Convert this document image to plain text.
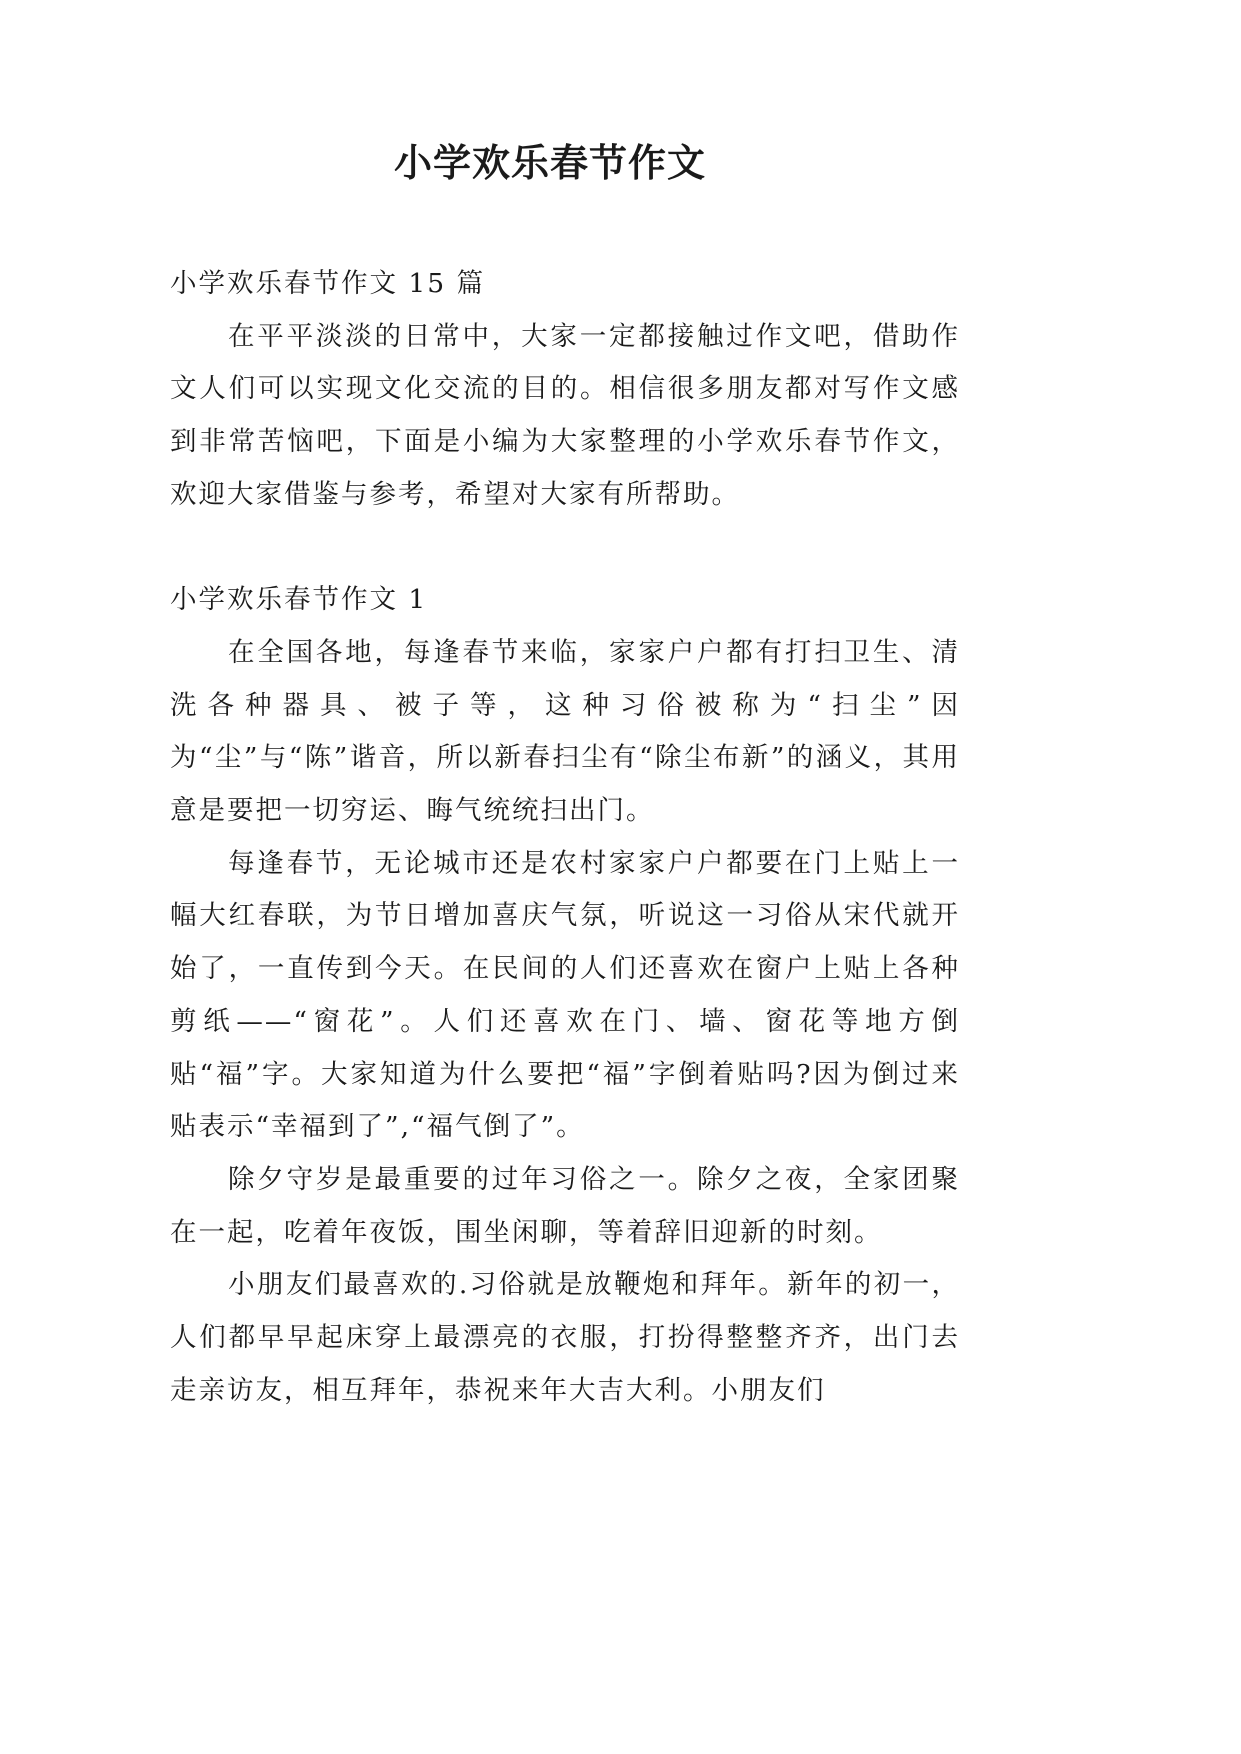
小学欢乐春节作文

小学欢乐春节作文 15 篇

在平平淡淡的日常中，大家一定都接触过作文吧，借助作文人们可以实现文化交流的目的。相信很多朋友都对写作文感到非常苦恼吧，下面是小编为大家整理的小学欢乐春节作文，欢迎大家借鉴与参考，希望对大家有所帮助。

小学欢乐春节作文 1

在全国各地，每逢春节来临，家家户户都有打扫卫生、清洗各种器具、被子等，这种习俗被称为“扫尘”因为“尘”与“陈”谐音，所以新春扫尘有“除尘布新”的涵义，其用意是要把一切穷运、晦气统统扫出门。

每逢春节，无论城市还是农村家家户户都要在门上贴上一幅大红春联，为节日增加喜庆气氛，听说这一习俗从宋代就开始了，一直传到今天。在民间的人们还喜欢在窗户上贴上各种剪纸——“窗花”。人们还喜欢在门、墙、窗花等地方倒贴“福”字。大家知道为什么要把“福”字倒着贴吗?因为倒过来贴表示“幸福到了”,“福气倒了”。

除夕守岁是最重要的过年习俗之一。除夕之夜，全家团聚在一起，吃着年夜饭，围坐闲聊，等着辞旧迎新的时刻。

小朋友们最喜欢的.习俗就是放鞭炮和拜年。新年的初一，人们都早早起床穿上最漂亮的衣服，打扮得整整齐齐，出门去走亲访友，相互拜年，恭祝来年大吉大利。小朋友们
